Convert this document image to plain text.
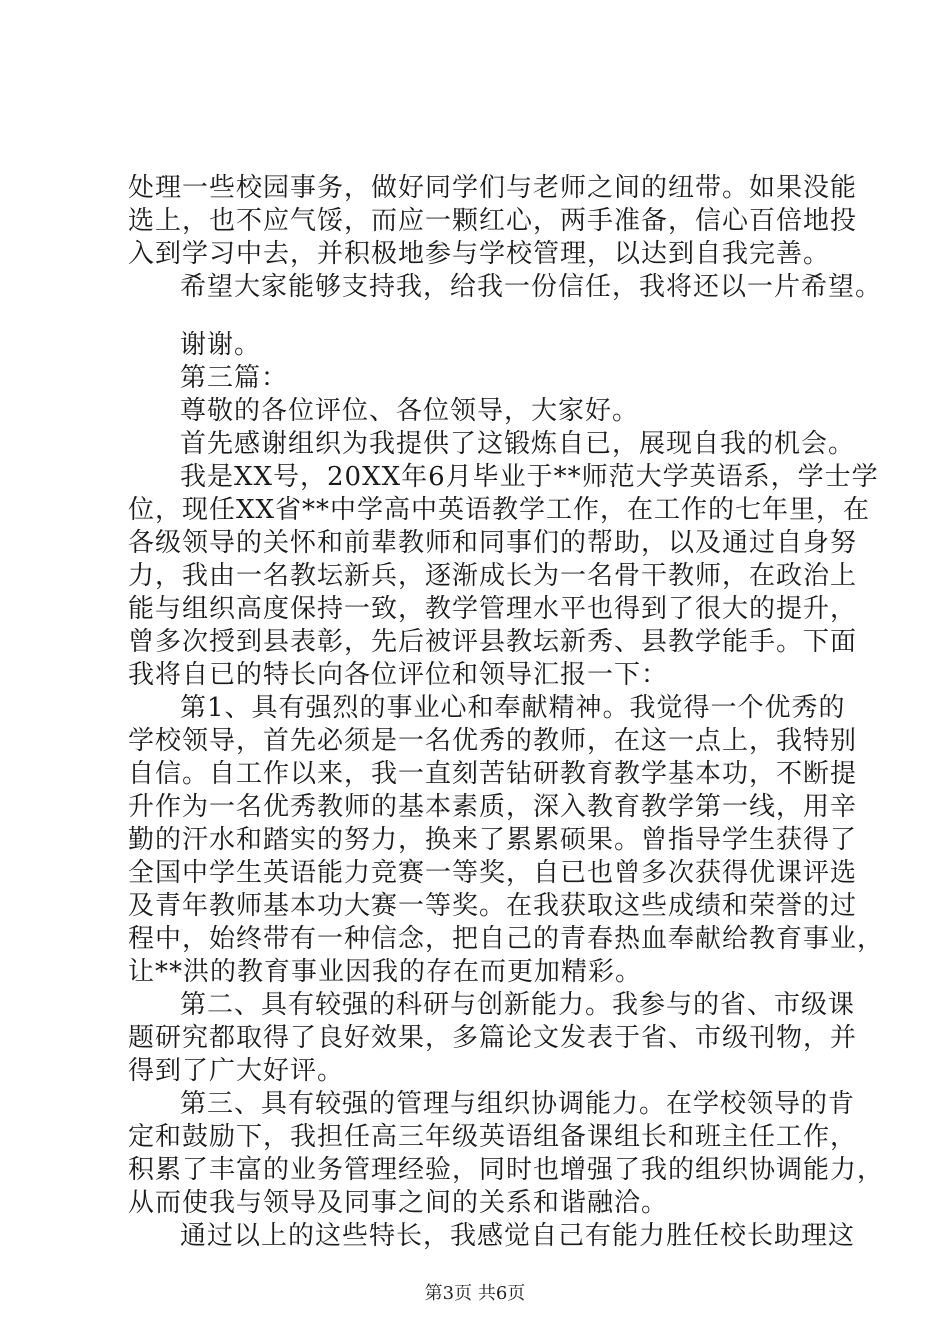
处理一些校园事务，做好同学们与老师之间的纽带。如果没能
选上，也不应气馁，而应一颗红心，两手准备，信心百倍地投
入到学习中去，并积极地参与学校管理，以达到自我完善。
希望大家能够支持我，给我一份信任，我将还以一片希望。
谢谢。
第三篇：
尊敬的各位评位、各位领导，大家好。
首先感谢组织为我提供了这锻炼自已，展现自我的机会。
我是XX号，20XX年6月毕业于**师范大学英语系，学士学
位，现任XX省**中学高中英语教学工作，在工作的七年里，在
各级领导的关怀和前辈教师和同事们的帮助，以及通过自身努
力，我由一名教坛新兵，逐渐成长为一名骨干教师，在政治上
能与组织高度保持一致，教学管理水平也得到了很大的提升，
曾多次授到县表彰，先后被评县教坛新秀、县教学能手。下面
我将自已的特长向各位评位和领导汇报一下：
第1、具有强烈的事业心和奉献精神。我觉得一个优秀的
学校领导，首先必须是一名优秀的教师，在这一点上，我特别
自信。自工作以来，我一直刻苦钻研教育教学基本功，不断提
升作为一名优秀教师的基本素质，深入教育教学第一线，用辛
勤的汗水和踏实的努力，换来了累累硕果。曾指导学生获得了
全国中学生英语能力竞赛一等奖，自已也曾多次获得优课评选
及青年教师基本功大赛一等奖。在我获取这些成绩和荣誉的过
程中，始终带有一种信念，把自己的青春热血奉献给教育事业，
让**洪的教育事业因我的存在而更加精彩。
第二、具有较强的科研与创新能力。我参与的省、市级课
题研究都取得了良好效果，多篇论文发表于省、市级刊物，并
得到了广大好评。
第三、具有较强的管理与组织协调能力。在学校领导的肯
定和鼓励下，我担任高三年级英语组备课组长和班主任工作，
积累了丰富的业务管理经验，同时也增强了我的组织协调能力，
从而使我与领导及同事之间的关系和谐融洽。
通过以上的这些特长，我感觉自己有能力胜任校长助理这
第3页 共6页
